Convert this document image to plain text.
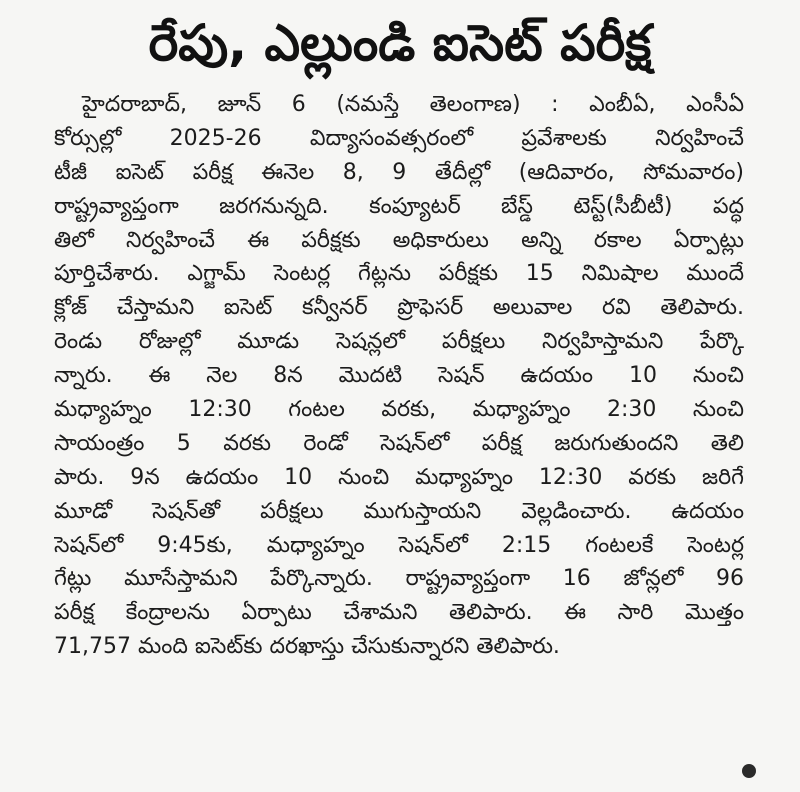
రేపు, ఎల్లుండి ఐసెట్ పరీక్ష
హైదరాబాద్, జూన్ 6 (నమస్తే తెలంగాణ) : ఎంబీఏ, ఎంసీఏ
కోర్సుల్లో 2025-26 విద్యాసంవత్సరంలో ప్రవేశాలకు నిర్వహించే
టీజీ ఐసెట్ పరీక్ష ఈనెల 8, 9 తేదీల్లో (ఆదివారం, సోమవారం)
రాష్ట్రవ్యాప్తంగా జరగనున్నది. కంప్యూటర్ బేస్డ్ టెస్ట్(సీబీటీ) పద్ధ
తిలో నిర్వహించే ఈ పరీక్షకు అధికారులు అన్ని రకాల ఏర్పాట్లు
పూర్తిచేశారు. ఎగ్జామ్ సెంటర్ల గేట్లను పరీక్షకు 15 నిమిషాల ముందే
క్లోజ్ చేస్తామని ఐసెట్ కన్వీనర్ ప్రొఫెసర్ అలువాల రవి తెలిపారు.
రెండు రోజుల్లో మూడు సెషన్లలో పరీక్షలు నిర్వహిస్తామని పేర్కొ
న్నారు. ఈ నెల 8న మొదటి సెషన్ ఉదయం 10 నుంచి
మధ్యాహ్నం 12:30 గంటల వరకు, మధ్యాహ్నం 2:30 నుంచి
సాయంత్రం 5 వరకు రెండో సెషన్‌లో పరీక్ష జరుగుతుందని తెలి
పారు. 9న ఉదయం 10 నుంచి మధ్యాహ్నం 12:30 వరకు జరిగే
మూడో సెషన్‌తో పరీక్షలు ముగుస్తాయని వెల్లడించారు. ఉదయం
సెషన్‌లో 9:45కు, మధ్యాహ్నం సెషన్‌లో 2:15 గంటలకే సెంటర్ల
గేట్లు మూసేస్తామని పేర్కొన్నారు. రాష్ట్రవ్యాప్తంగా 16 జోన్లలో 96
పరీక్ష కేంద్రాలను ఏర్పాటు చేశామని తెలిపారు. ఈ సారి మొత్తం
71,757 మంది ఐసెట్‌కు దరఖాస్తు చేసుకున్నారని తెలిపారు.
